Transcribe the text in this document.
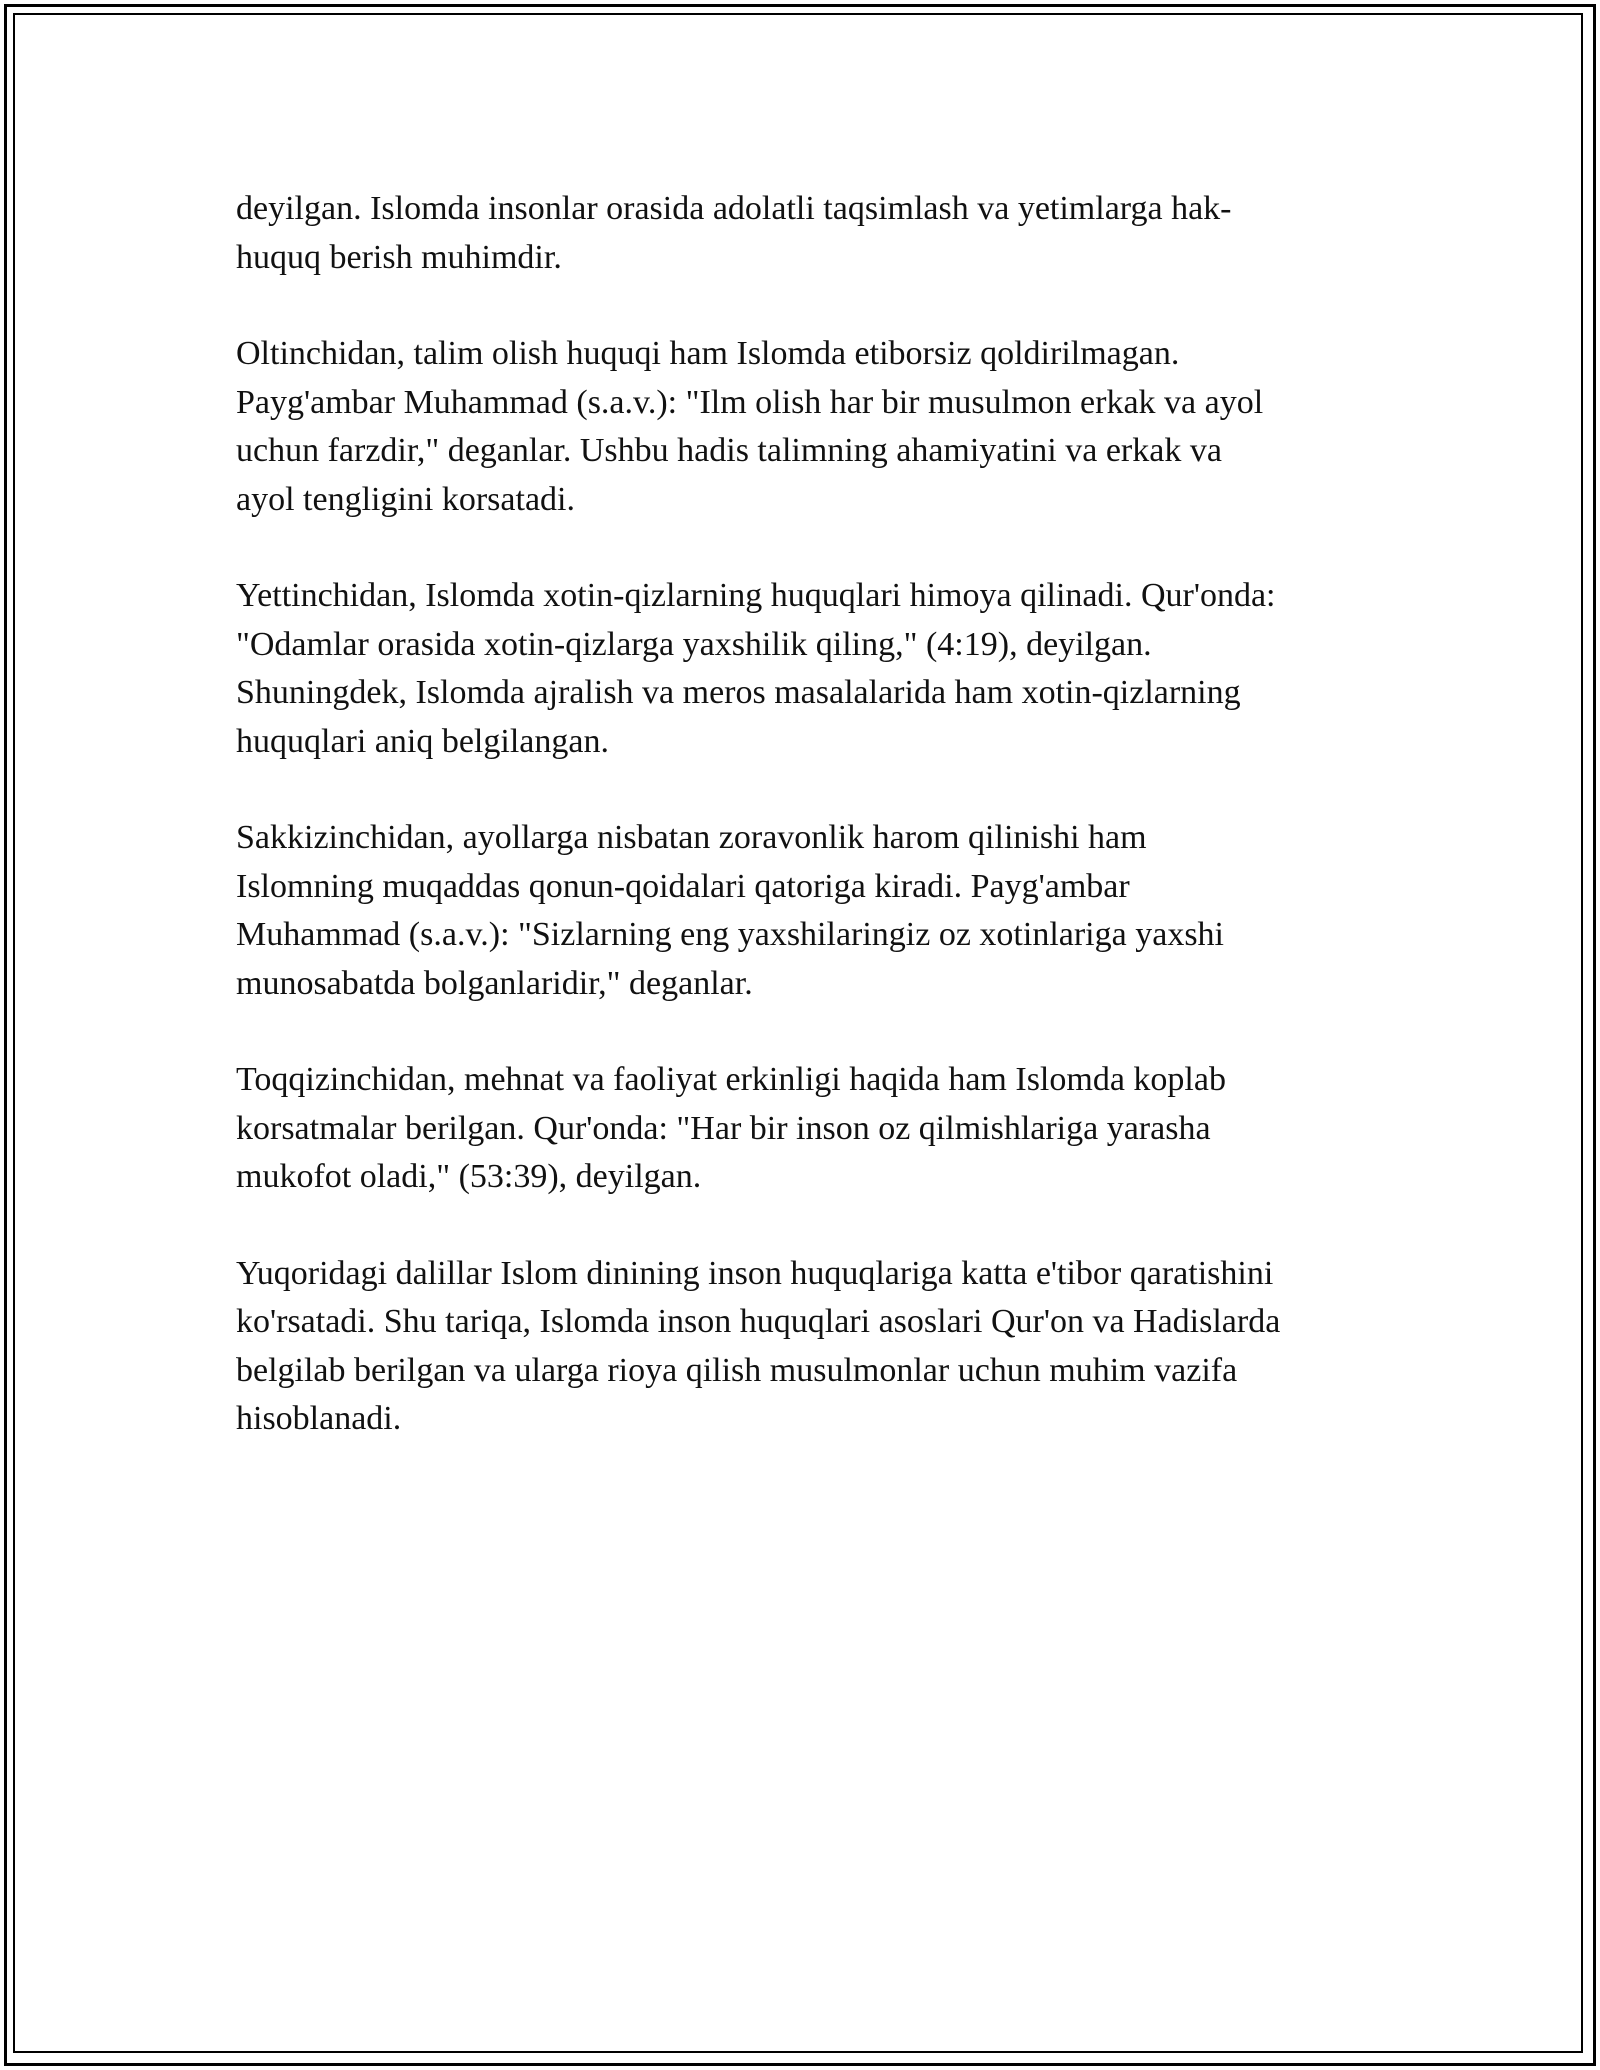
deyilgan. Islomda insonlar orasida adolatli taqsimlash va yetimlarga hak-
huquq berish muhimdir.

Oltinchidan, talim olish huquqi ham Islomda etiborsiz qoldirilmagan.
Payg'ambar Muhammad (s.a.v.): "Ilm olish har bir musulmon erkak va ayol
uchun farzdir," deganlar. Ushbu hadis talimning ahamiyatini va erkak va
ayol tengligini korsatadi.

Yettinchidan, Islomda xotin-qizlarning huquqlari himoya qilinadi. Qur'onda:
"Odamlar orasida xotin-qizlarga yaxshilik qiling," (4:19), deyilgan.
Shuningdek, Islomda ajralish va meros masalalarida ham xotin-qizlarning
huquqlari aniq belgilangan.

Sakkizinchidan, ayollarga nisbatan zoravonlik harom qilinishi ham
Islomning muqaddas qonun-qoidalari qatoriga kiradi. Payg'ambar
Muhammad (s.a.v.): "Sizlarning eng yaxshilaringiz oz xotinlariga yaxshi
munosabatda bolganlaridir," deganlar.

Toqqizinchidan, mehnat va faoliyat erkinligi haqida ham Islomda koplab
korsatmalar berilgan. Qur'onda: "Har bir inson oz qilmishlariga yarasha
mukofot oladi," (53:39), deyilgan.

Yuqoridagi dalillar Islom dinining inson huquqlariga katta e'tibor qaratishini
ko'rsatadi. Shu tariqa, Islomda inson huquqlari asoslari Qur'on va Hadislarda
belgilab berilgan va ularga rioya qilish musulmonlar uchun muhim vazifa
hisoblanadi.
